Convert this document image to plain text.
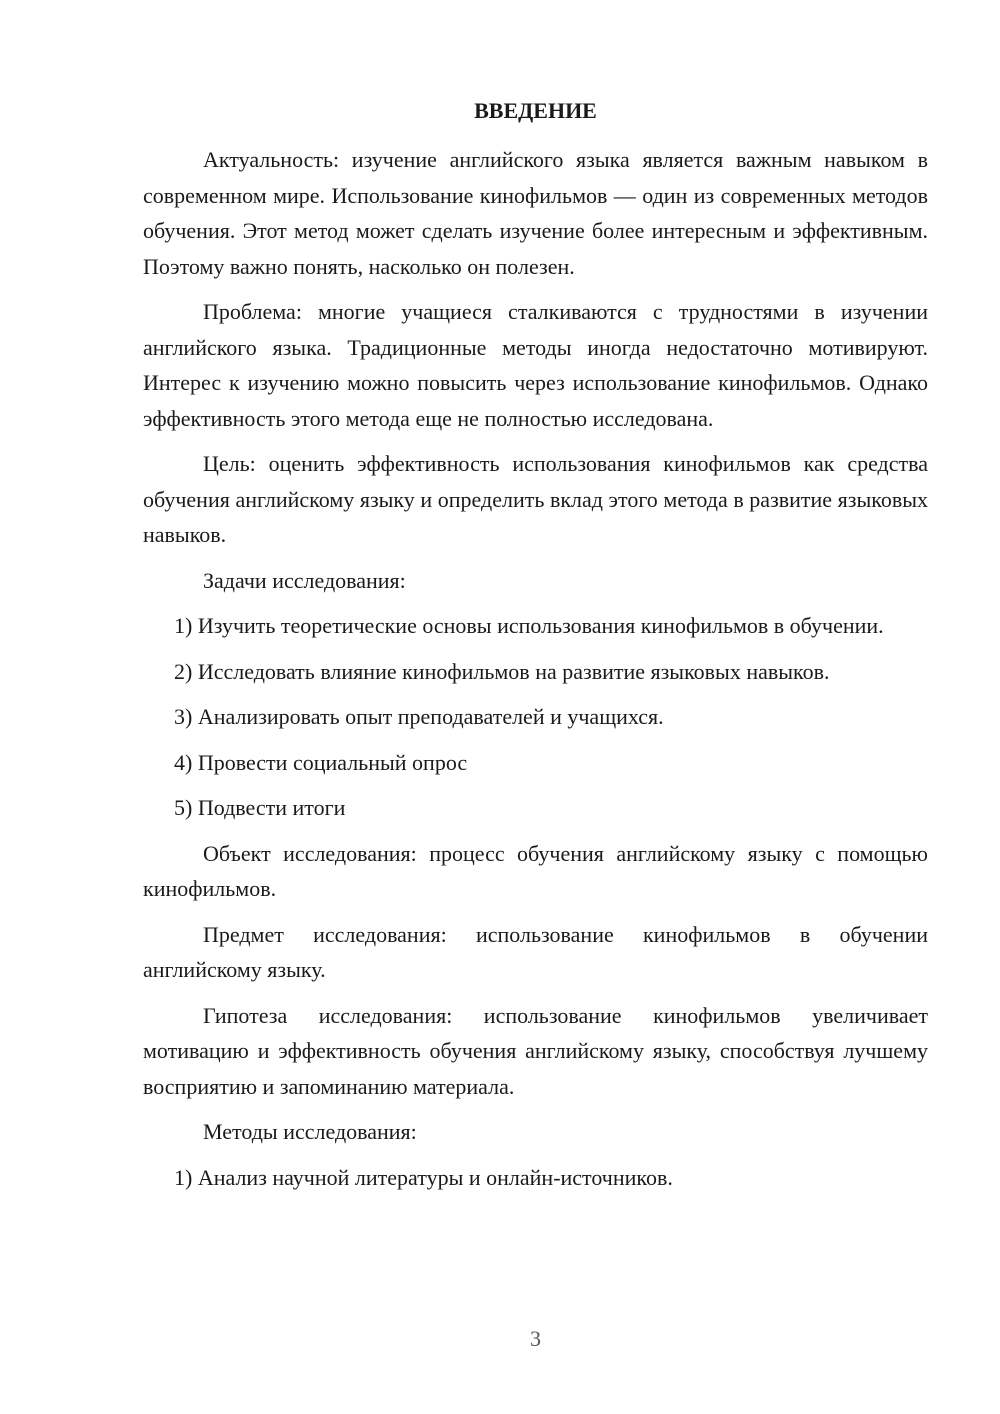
ВВЕДЕНИЕ

Актуальность: изучение английского языка является важным навыком в современном мире. Использование кинофильмов — один из современных методов обучения. Этот метод может сделать изучение более интересным и эффективным. Поэтому важно понять, насколько он полезен.

Проблема: многие учащиеся сталкиваются с трудностями в изучении английского языка. Традиционные методы иногда недостаточно мотивируют. Интерес к изучению можно повысить через использование кинофильмов. Однако эффективность этого метода еще не полностью исследована.

Цель: оценить эффективность использования кинофильмов как средства обучения английскому языку и определить вклад этого метода в развитие языковых навыков.

Задачи исследования:

1) Изучить теоретические основы использования кинофильмов в обучении.

2) Исследовать влияние кинофильмов на развитие языковых навыков.

3) Анализировать опыт преподавателей и учащихся.

4) Провести социальный опрос

5) Подвести итоги

Объект исследования: процесс обучения английскому языку с помощью кинофильмов.

Предмет исследования: использование кинофильмов в обучении английскому языку.

Гипотеза исследования: использование кинофильмов увеличивает мотивацию и эффективность обучения английскому языку, способствуя лучшему восприятию и запоминанию материала.

Методы исследования:

1) Анализ научной литературы и онлайн-источников.

3
